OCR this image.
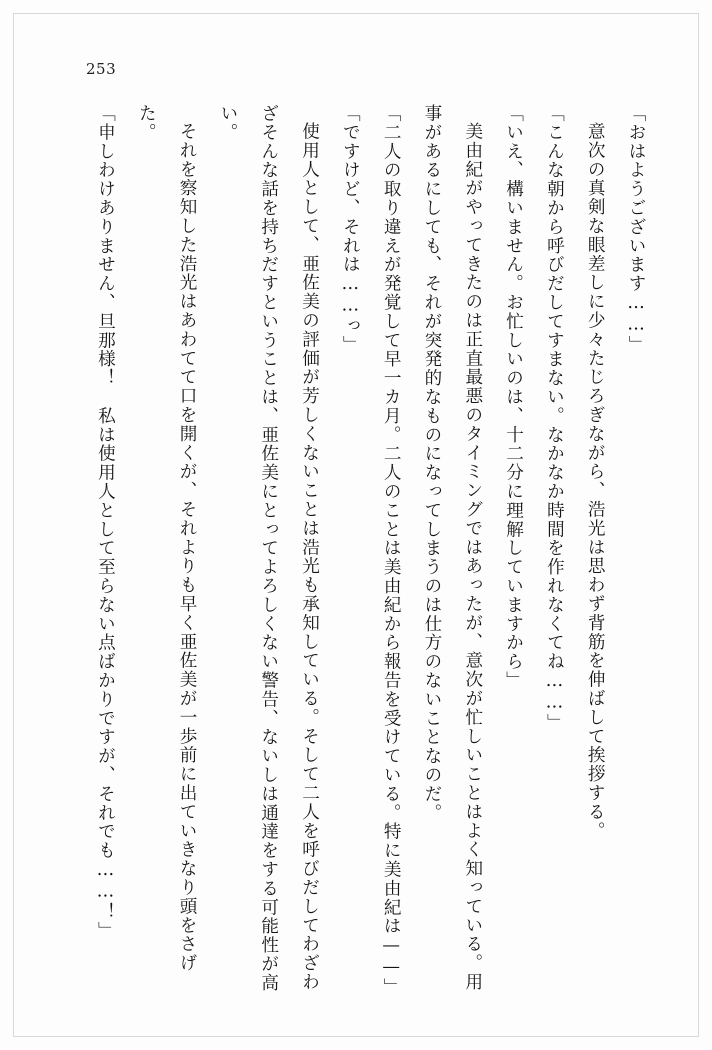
253

「おはようございます……」

意次の真剣な眼差しに少々たじろぎながら、浩光は思わず背筋を伸ばして挨拶する。

「こんな朝から呼びだしてすまない。なかなか時間を作れなくてね……」

「いえ、構いません。お忙しいのは、十二分に理解していますから」

美由紀がやってきたのは正直最悪のタイミングではあったが、意次が忙しいことはよく知っている。用事があるにしても、それが突発的なものになってしまうのは仕方のないことなのだ。

「二人の取り違えが発覚して早一カ月。二人のことは美由紀から報告を受けている。特に美由紀は——」

「ですけど、それは……っ」

使用人として、亜佐美の評価が芳しくないことは浩光も承知している。そして二人を呼びだしてわざわざそんな話を持ちだすということは、亜佐美にとってよろしくない警告、ないしは通達をする可能性が高い。

それを察知した浩光はあわてて口を開くが、それよりも早く亜佐美が一歩前に出ていきなり頭をさげた。

「申しわけありません、旦那様！　私は使用人として至らない点ばかりですが、それでも……！」
